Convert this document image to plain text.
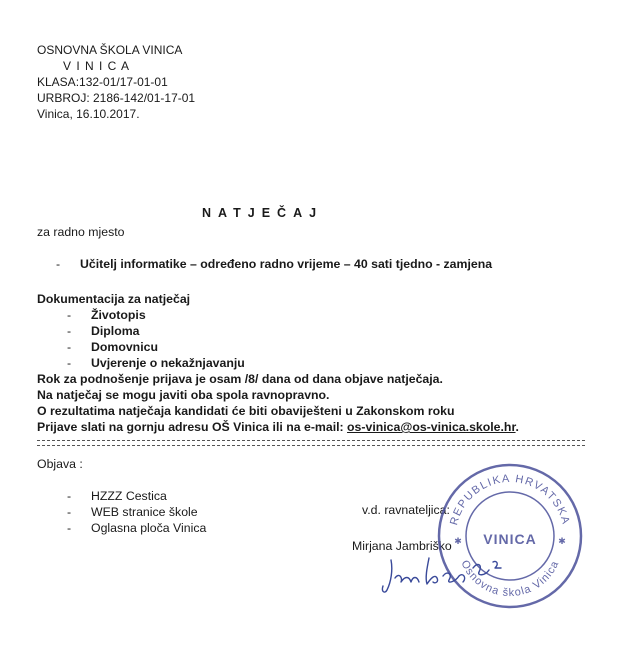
OSNOVNA ŠKOLA VINICA
V I N I C A
KLASA:132-01/17-01-01
URBROJ: 2186-142/01-17-01
Vinica, 16.10.2017.
NATJEČAJ
za radno mjesto
- Učitelj informatike – određeno radno vrijeme – 40 sati tjedno - zamjena
Dokumentacija za natječaj
- Životopis
- Diploma
- Domovnicu
- Uvjerenje o nekažnjavanju
Rok za podnošenje prijava je osam /8/ dana od dana objave natječaja.
Na natječaj se mogu javiti oba spola ravnopravno.
O rezultatima natječaja kandidati će biti obaviješteni u Zakonskom roku
Prijave slati na gornju adresu OŠ Vinica ili na e-mail: os-vinica@os-vinica.skole.hr.
Objava :
- HZZZ Cestica
- WEB stranice škole
- Oglasna ploča Vinica
v.d. ravnateljica:
Mirjana Jambriško
REPUBLIKA HRVATSKA
Osnovna škola Vinica
VINICA ✱
✱
